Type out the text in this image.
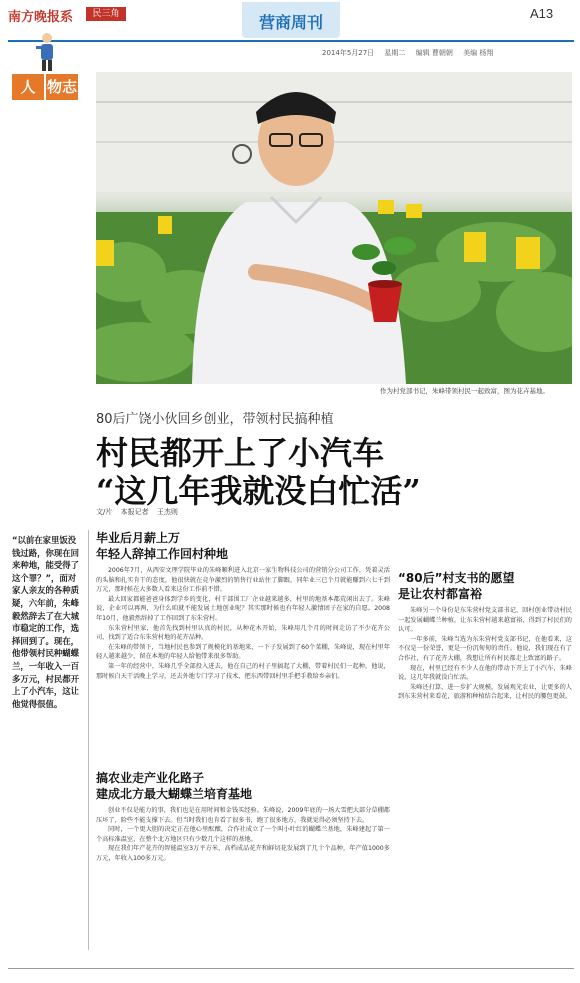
南方晚报系	民三角	营商周刊	A13
2014年5月27日 星期二 编辑 曹朝朝 美编 杨翔
人 物志
作为村党部书记，朱峰带领村民一起致富，图为花卉基地。
80后广饶小伙回乡创业，带领村民搞种植
村民都开上了小汽车
“这几年我就没白忙活”
文/片 本报记者 王杰则
“以前在家里饭没钱过路，你现在回来种地，能受得了这个罪？”，面对家人亲友的各种质疑，六年前，朱峰毅然辞去了在大城市稳定的工作，选择回到了。现在，他带领村民种蝴蝶兰，一年收入一百多万元，村民都开上了小汽车，这让他觉得很值。
毕业后月薪上万
年轻人辞掉工作回村种地

2006年7月，从西安文理学院毕业的朱峰顺利进入北京一家生物科技公司的营销分公司工作，凭着灵活的头脑和扎实肯干的态度，他很快就在竞争激烈的销售行业站住了脚跟，同年业三已个月就能赚到六七千到万元，那时候在大多数人看来这份工作前不错。

最大回家都能爸爸身体到学乡的变化，村干部围工厂企业越来越多，村里的地基本都荒闲出去了。朱峰说，企业可以再两，为什么咱就不能发展土地创业呢？其实那时候也有年轻人激情团子在家的自愿。2008年10月，他毅然辞掉了工作回到了东朱营村。

东朱营村里家，他首先找到村里认真的村民，从种花木开始，朱峰用几个月的时间走访了不少花卉公司，找到了适合东朱营村地的花卉品种。

在朱峰的带领下，当地村民也参到了规模化的基地来，一下子发展到了60个菜棚，朱峰说，现在村里年轻人越来越少，留在本地的年轻人给他带来很多帮助。

第一年的经营中，朱峰几乎全部投入进去，他在自己的村子里搞起了大棚，带着村民们一起种。他说，那时候白天干活晚上学习，还去外地专门学习了技术，把东西带回村里手把手教给乡亲们。

搞农业走产业化路子
建成北方最大蝴蝶兰培育基地

创业不仅是能力的事，我们也是在用时间和金钱买经验。朱峰说，2009年底的一场大雪把大部分草棚都压坏了，险些不能支撑下去。但当时我们也肯看了很多书，跑了很多地方，我就觉得必须坚持下去。

同时，一个更大胆的决定正在他心里酝酿，合作社成立了一个叫小叶红的蝴蝶兰基地，朱峰建起了第一个高标准温室，在整个北方地区只有少数几个这样的基地。

现在我们年产花卉的智能温室3万平方米，高档成品花卉和鲜切花发展到了几十个品种，年产值1000多万元，年收入100多万元。

“80后”村支书的愿望
是让农村都富裕

朱峰另一个身份是东朱营村党支部书记，回村创业带动村民一起发展蝴蝶兰种植，让东朱营村越来越富裕，得到了村民们的认可。

一年多前，朱峰当选为东朱营村党支部书记，在他看来，这不仅是一份荣誉，更是一份沉甸甸的责任。他说，我们现在有了合作社，有了花卉大棚，我想让所有村民都走上致富的路子。

现在，村里已经有不少人在他的带动下开上了小汽车，朱峰说，这几年我就没白忙活。

朱峰还打算，进一步扩大规模，发展观光农业，让更多的人到东朱营村来看花，旅游和种植结合起来，让村民的腰包更鼓。
